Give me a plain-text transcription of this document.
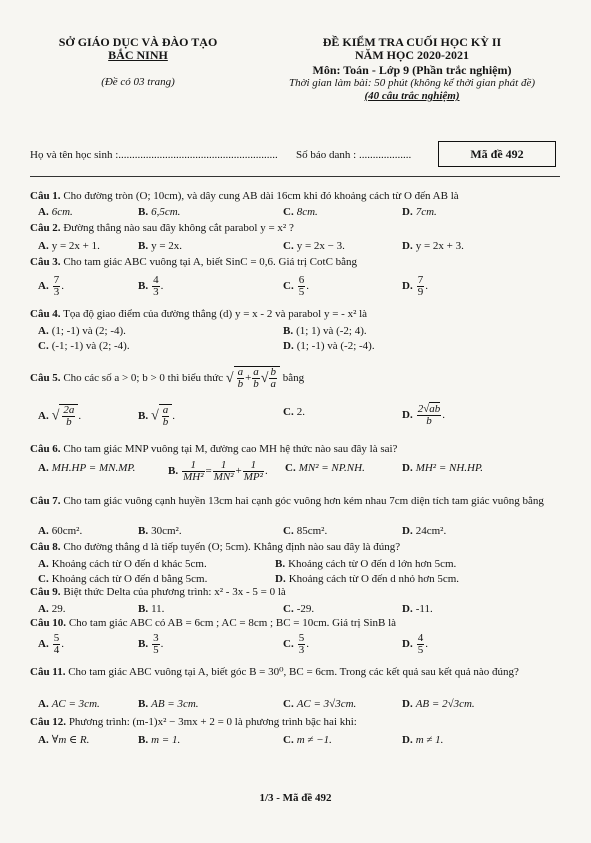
SỞ GIÁO DỤC VÀ ĐÀO TẠO
BẮC NINH
(Đề có 03 trang)
ĐỀ KIỂM TRA CUỐI HỌC KỲ II
NĂM HỌC 2020-2021
Môn: Toán - Lớp 9 (Phần trắc nghiệm)
Thời gian làm bài: 50 phút (không kể thời gian phát đề)
(40 câu trắc nghiệm)
Họ và tên học sinh :.......................................................... Số báo danh : ...................	Mã đề 492
Câu 1. Cho đường tròn (O; 10cm), và dây cung AB dài 16cm khi đó khoảng cách từ O đến AB là
A. 6cm.	B. 6,5cm.	C. 8cm.	D. 7cm.
Câu 2. Đường thẳng nào sau đây không cắt parabol y = x² ?
A. y = 2x + 1.	B. y = 2x.	C. y = 2x − 3.	D. y = 2x + 3.
Câu 3. Cho tam giác ABC vuông tại A, biết SinC = 0,6. Giá trị CotC bằng
A. $\frac{7}{3}$ .	B. $\frac{4}{3}$ .	C. $\frac{6}{5}$ .	D. $\frac{7}{9}$ .
Câu 4. Tọa độ giao điểm của đường thẳng (d) y = x - 2 và parabol y = - x² là
A. (1; -1) và (2; -4).	B. (1; 1) và (-2; 4).
C. (-1; -1) và (2; -4).	D. (1; -1) và (-2; -4).
Câu 5. Cho các số a > 0; b > 0 thì biểu thức √ $\frac{a}{b} + \frac{a}{b}$ √ $\frac{b}{a}$ bằng
A. √ $\frac{2a}{b}$ .	B. √ $\frac{a}{b}$ .	C. 2.	D. $\frac{2√ab}{b}$ .
Câu 6. Cho tam giác MNP vuông tại M, đường cao MH hệ thức nào sau đây là sai?
A. MH.HP = MN.MP.	B. $\frac{1}{\text{MH²}} = \frac{1}{\text{MN²}} + \frac{1}{\text{MP²}}$ . C. MN² = NP.NH.	D. MH² = NH.HP.
Câu 7. Cho tam giác vuông cạnh huyền 13cm hai cạnh góc vuông hơn kém nhau 7cm diện tích tam giác vuông bằng
A. 60cm².	B. 30cm².	C. 85cm².	D. 24cm².
Câu 8. Cho đường thẳng d là tiếp tuyến (O; 5cm). Khẳng định nào sau đây là đúng?
A. Khoảng cách từ O đến d khác 5cm.	B. Khoảng cách từ O đến d lớn hơn 5cm.
C. Khoảng cách từ O đến d bằng 5cm.	D. Khoảng cách từ O đến d nhỏ hơn 5cm.
Câu 9. Biệt thức Delta của phương trình: x² - 3x - 5 = 0 là
A. 29.	B. 11.	C. -29.	D. -11.
Câu 10. Cho tam giác ABC có AB = 6cm ; AC = 8cm ; BC = 10cm. Giá trị SinB là
A. $\frac{5}{4}$ .	B. $\frac{3}{5}$ .	C. $\frac{5}{3}$ .	D. $\frac{4}{5}$ .
Câu 11. Cho tam giác ABC vuông tại A, biết góc B = 30⁰, BC = 6cm. Trong các kết quả sau kết quả nào đúng?
A. AC = 3cm.	B. AB = 3cm.	C. AC = 3√3cm.	D. AB = 2√3cm.
Câu 12. Phương trình: (m-1)x² − 3mx + 2 = 0 là phương trình bậc hai khi:
A. ∀m ∈ R.	B. m = 1.	C. m ≠ −1.	D. m ≠ 1.
1/3 - Mã đề 492
